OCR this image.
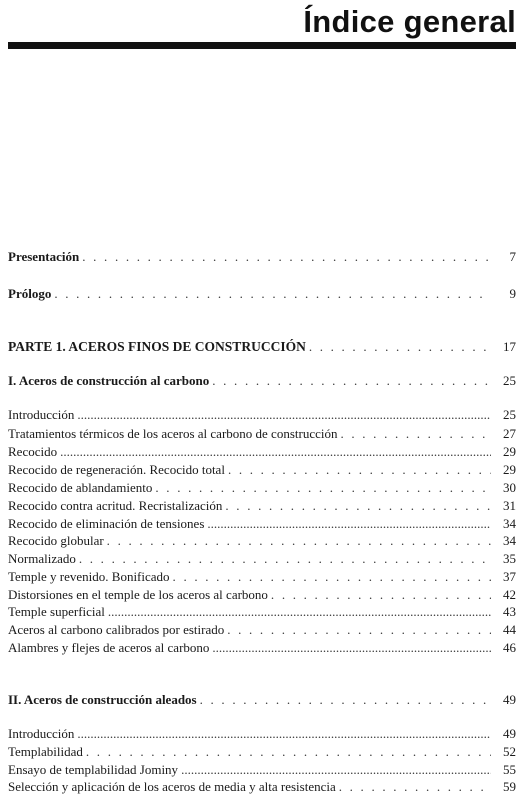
Índice general
Presentación . . .	7
Prólogo . . .	9
PARTE 1. ACEROS FINOS DE CONSTRUCCIÓN . . .	17
I. Aceros de construcción al carbono . . .	25
Introducción .....	25
Tratamientos térmicos de los aceros al carbono de construcción . . .	27
Recocido .....	29
Recocido de regeneración. Recocido total . . .	29
Recocido de ablandamiento . . .	30
Recocido contra acritud. Recristalización . . .	31
Recocido de eliminación de tensiones .....	34
Recocido globular . . .	34
Normalizado . . .	35
Temple y revenido. Bonificado . . .	37
Distorsiones en el temple de los aceros al carbono . . .	42
Temple superficial .....	43
Aceros al carbono calibrados por estirado . . .	44
Alambres y flejes de aceros al carbono .....	46
II. Aceros de construcción aleados . . .	49
Introducción .....	49
Templabilidad . . .	52
Ensayo de templabilidad Jominy .....	55
Selección y aplicación de los aceros de media y alta resistencia . . .	59
